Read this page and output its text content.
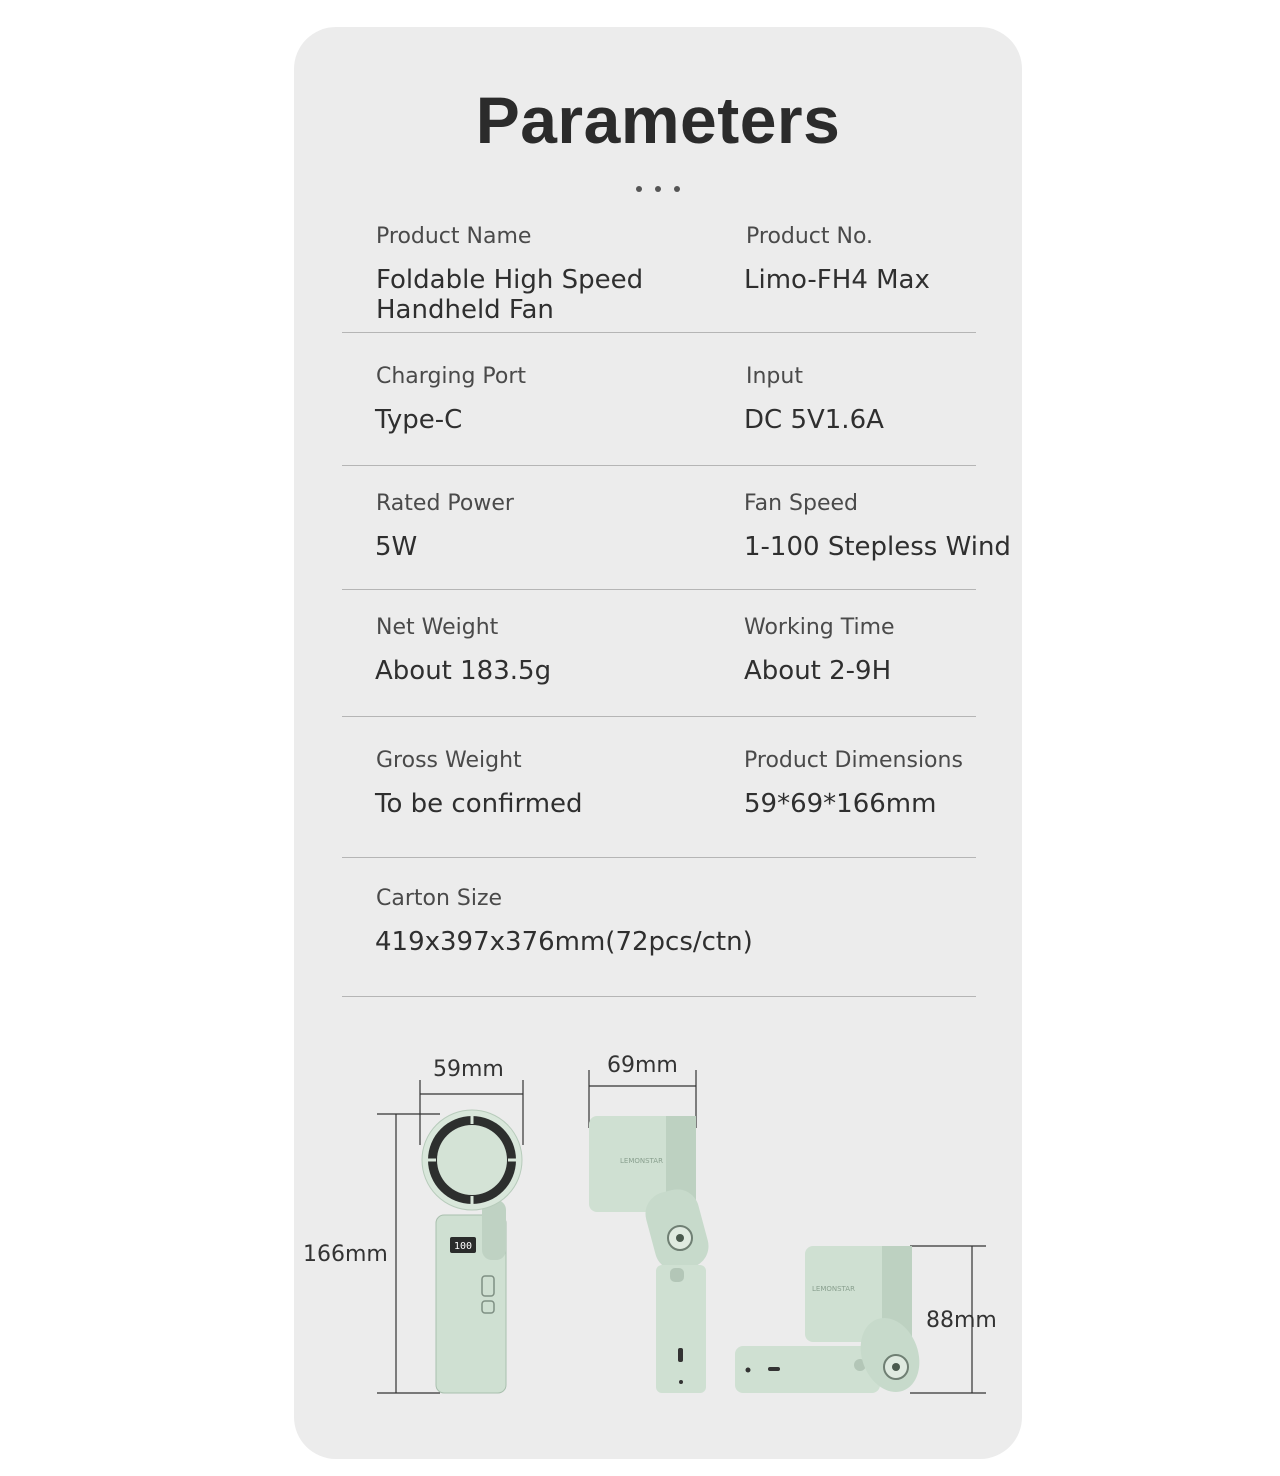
Parameters
Product Name
Foldable High Speed
Handheld Fan
Product No.
Limo-FH4 Max
Charging Port
Type-C
Input
DC 5V1.6A
Rated Power
5W
Fan Speed
1-100 Stepless Wind
Net Weight
About 183.5g
Working Time
About 2-9H
Gross Weight
To be confirmed
Product Dimensions
59*69*166mm
Carton Size
419x397x376mm(72pcs/ctn)
100
LEMONSTAR
LEMONSTAR
59mm	69mm
166mm
88mm
